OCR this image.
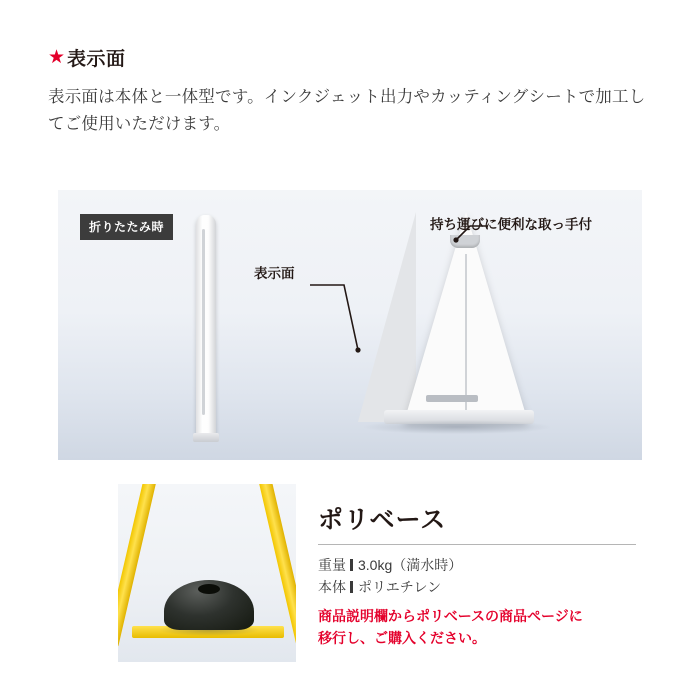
★ 表示面
表示面は本体と一体型です。インクジェット出力やカッティングシートで加工してご使用いただけます。
折りたたみ時	持ち運びに便利な取っ手付
表示面
ポリベース
重量 3.0kg（満水時）
本体 ポリエチレン
商品説明欄からポリベースの商品ページに
移行し、ご購入ください。
